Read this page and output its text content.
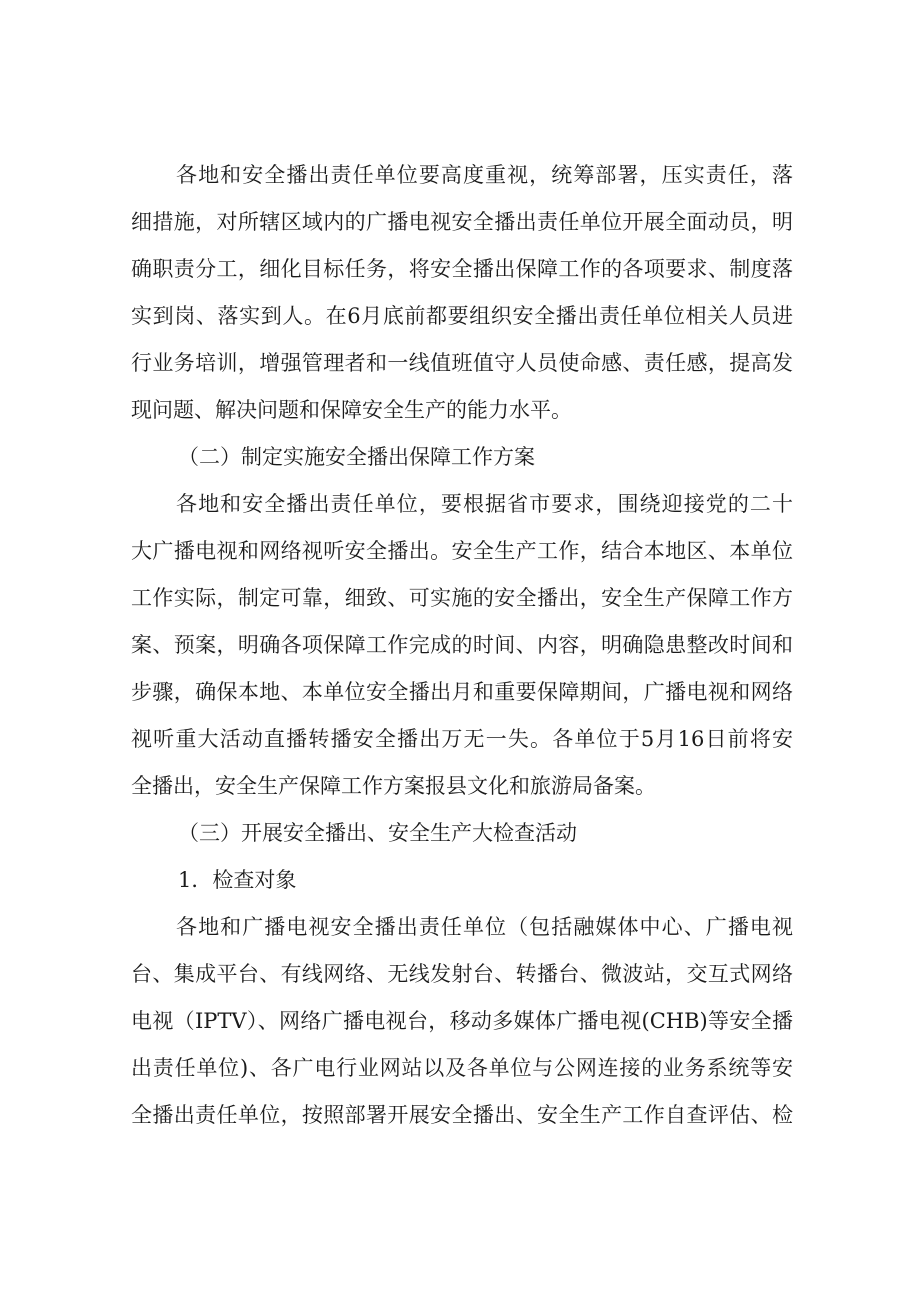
各地和安全播出责任单位要高度重视，统筹部署，压实责任，落
细措施，对所辖区域内的广播电视安全播出责任单位开展全面动员，明
确职责分工，细化目标任务，将安全播出保障工作的各项要求、制度落
实到岗、落实到人。在6月底前都要组织安全播出责任单位相关人员进
行业务培训，增强管理者和一线值班值守人员使命感、责任感，提高发
现问题、解决问题和保障安全生产的能力水平。
（二）制定实施安全播出保障工作方案
各地和安全播出责任单位，要根据省市要求，围绕迎接党的二十
大广播电视和网络视听安全播出。安全生产工作，结合本地区、本单位
工作实际，制定可靠，细致、可实施的安全播出，安全生产保障工作方
案、预案，明确各项保障工作完成的时间、内容，明确隐患整改时间和
步骤，确保本地、本单位安全播出月和重要保障期间，广播电视和网络
视听重大活动直播转播安全播出万无一失。各单位于5月16日前将安
全播出，安全生产保障工作方案报县文化和旅游局备案。
（三）开展安全播出、安全生产大检查活动
1．检查对象
各地和广播电视安全播出责任单位（包括融媒体中心、广播电视
台、集成平台、有线网络、无线发射台、转播台、微波站，交互式网络
电视（IPTV）、网络广播电视台，移动多媒体广播电视(CHB)等安全播
出责任单位)、各广电行业网站以及各单位与公网连接的业务系统等安
全播出责任单位，按照部署开展安全播出、安全生产工作自查评估、检
